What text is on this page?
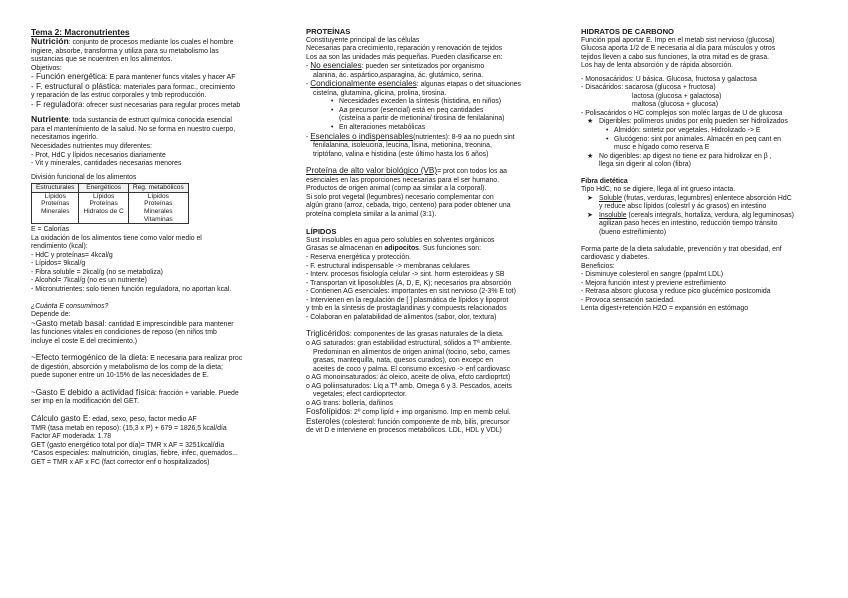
Tema 2: Macronutrientes

Nutrición: conjunto de procesos mediante los cuales el hombre

ingiere, absorbe, transforma y utiliza para su metabolismo las

sustancias que se ncuentren en los alimentos.

Objetivos:

- Función energética: E para mantener funcs vitales y hacer AF

- F. estructural o plástica: materiales para formac., crecimiento

y reparación de las estruc corporales y tmb reproducción.

- F reguladora: ofrecer sust necesarias para regular proces metab

Nutriente: toda sustancia de estruct química conocida esencial

para el mantenimiento de la salud. No se forma en nuestro cuerpo,

necesitamos ingerirlo.

Necesidades nutrientes muy diferentes:

- Prot, HdC y lípidos necesarios diariamente

- Vit y minerales, cantidades necesarias menores

División funcional de los alimentos

Estructurales	Energéticos	Reg. metabólicos
Lípidos	Lípidos	Lípidos
Proteínas	Proteínas	Proteínas
Minerales	Hidratos de C	Minerales
		Vitaminas

E = Calorías

La oxidación de los alimentos tiene como valor medio el

rendimiento (kcal):

- HdC y proteínas= 4kcal/g

- Lípidos= 9kcal/g

- Fibra soluble = 2kcal/g (no se metaboliza)

- Alcohol= 7kcal/g (no es un nutriente)

- Micronutrientes: solo tienen función reguladora, no aportan kcal.

¿Cuánta E consumimos?

Depende de:

~Gasto metab basal: cantidad E imprescindible para mantener

las funciones vitales en condiciones de reposo (en niños tmb

incluye el coste E del crecimiento.)

~Efecto termogénico de la dieta: E necesaria para realizar proc

de digestión, absorción y metabolismo de los comp de la dieta;

puede suponer entre un 10-15% de las necesidades de E.

~Gasto E debido a actividad física: fracción + variable. Puede

ser imp en la modificación del GET.

Cálculo gasto E: edad, sexo, peso, factor medio AF

TMR (tasa metab en reposo): (15,3 x P) + 679 = 1826,5 kcal/día

Factor AF moderada: 1.78

GET (gasto energético total por día)= TMR x AF = 3251kcal/día

*Casos especiales: malnutrición, cirugías, fiebre, infec, quemados...

GET = TMR x AF x FC (fact corrector enf o hospitalizados)

PROTEÍNAS

Constituyente principal de las células

Necesarias para crecimiento, reparación y renovación de tejidos

Los aa son las unidades más pequeñas. Pueden clasificarse en:

- No esenciales: pueden ser sintetizados por organismo

alanina, ác. aspártico,asparagina, ác. glutámico, serina.

- Condicionalmente esenciales: algunas etapas o det situaciones

cisteína, glutamina, glicina, prolina, tirosina.

• Necesidades exceden la síntesis (histidina, en niños)

• Aa precursor (esencial) está en peq cantidades

(cisteína a partir de metionina/ tirosina de fenilalanina)

• En alteraciones metabólicas

- Esenciales o indispensables(nutrientes): 8-9 aa no puedn sint

fenilalanina, isoleucina, leucina, lisina, metionina, treonina,

triptófano, valina e histidina (este último hasta los 6 años)

Proteína de alto valor biológico (VB)= prot con todos los aa

esenciales en las proporciones necesarias para el ser humano.

Productos de origen animal (comp aa similar a la corporal).

Si solo prot vegetal (legumbres) necesario complementar con

algún grano (arroz, cebada, trigo, centeno) para poder obtener una

proteína completa similar a la animal (3:1).

LÍPIDOS

Sust insolubles en agua pero solubles en solventes orgánicos

Grasas se almacenan en adipocitos. Sus funciones son:

- Reserva energética y protección.

- F. estructural indispensable -> membranas celulares

- Interv. procesos fisiología celular -> sint. horm esteroideas y SB

- Transportan vit liposolubles (A, D, E, K); necesarios pra absorción

- Contienen AG esenciales: importantes en sist nervioso (2-3% E tot)

- Intervienen en la regulación de [ ] plasmática de lípidos y lipoprot

y tmb en la síntesis de prostaglandinas y compuests relacionados

- Colaboran en palatabilidad de alimentos (sabor, olor, textura)

Triglicéridos: componentes de las grasas naturales de la dieta.

o AG saturados: gran estabilidad estructural, sólidos a Tª ambiente.

Predominan en alimentos de origen animal (tocino, sebo, carnes

grasas, mantequilla, nata, quesos curados), con excepc en

aceites de coco y palma. El consumo excesivo -> enf cardiovasc

o AG monoinsaturados: ác oleico, aceite de oliva, efcto cardioprtct)

o AG poliinsaturados: Líq a Tª amb. Omega 6 y 3. Pescados, aceits

vegetales; efect cardioprtector.

o AG trans: bollería, dañinos

Fosfolípidos: 2º comp lipíd + imp organismo. Imp en memb celul.

Esteroles (colesterol: función componente de mb, bilis, precursor

de vit D e interviene en procesos metabólicos. LDL, HDL y VDL)

HIDRATOS DE CARBONO

Función ppal aportar E. Imp en el metab sist nervioso (glucosa)

Glucosa aporta 1/2 de E necesaria al día para músculos y otros

tejidos lleven a cabo sus funciones, la otra mitad es de grasa.

Los hay de lenta absorción y de rápida absorción.

- Monosacáridos: U básica. Glucosa, fructosa y galactosa

- Disacáridos: sacarosa (glucosa + fructosa)

lactosa (glucosa + galactosa)

maltosa (glucosa + glucosa)

- Polisacáridos o HC complejos son moléc largas de U de glucosa

★ Digeribles: polímeros unidos por enlq pueden ser hidrolizados

• Almidón: sintetiz por vegetales. Hidrolizado -> E

• Glucógeno: sint por animales. Almacén en peq cant en

musc e hígado como reserva E

★ No digeribles: ap digest no tiene ez para hidrolizar en β ,

llega sin digerir al colon (fibra)

Fibra dietética

Tipo HdC, no se digiere, llega al int grueso intacta.

➤ Soluble (frutas, verduras, legumbres) enlentece absorción HdC

y reduce absc lípidos (colestrl y ác grasos) en intestino

➤ Insoluble (cereals integrals, hortaliza, verdura, alg leguminosas)

agilizan paso heces en intestino, reducción tiempo tránsito

(bueno estreñimiento)

Forma parte de la dieta saludable, prevención y trat obesidad, enf

cardiovasc y diabetes.

Beneficios:

- Disminuye colesterol en sangre (ppalmt LDL)

- Mejora función intest y previene estreñimiento

- Retrasa absorc glucosa y reduce pico glucémico postcomida

- Provoca sensación saciedad.

Lenta digest+retención H2O = expansión en estómago
